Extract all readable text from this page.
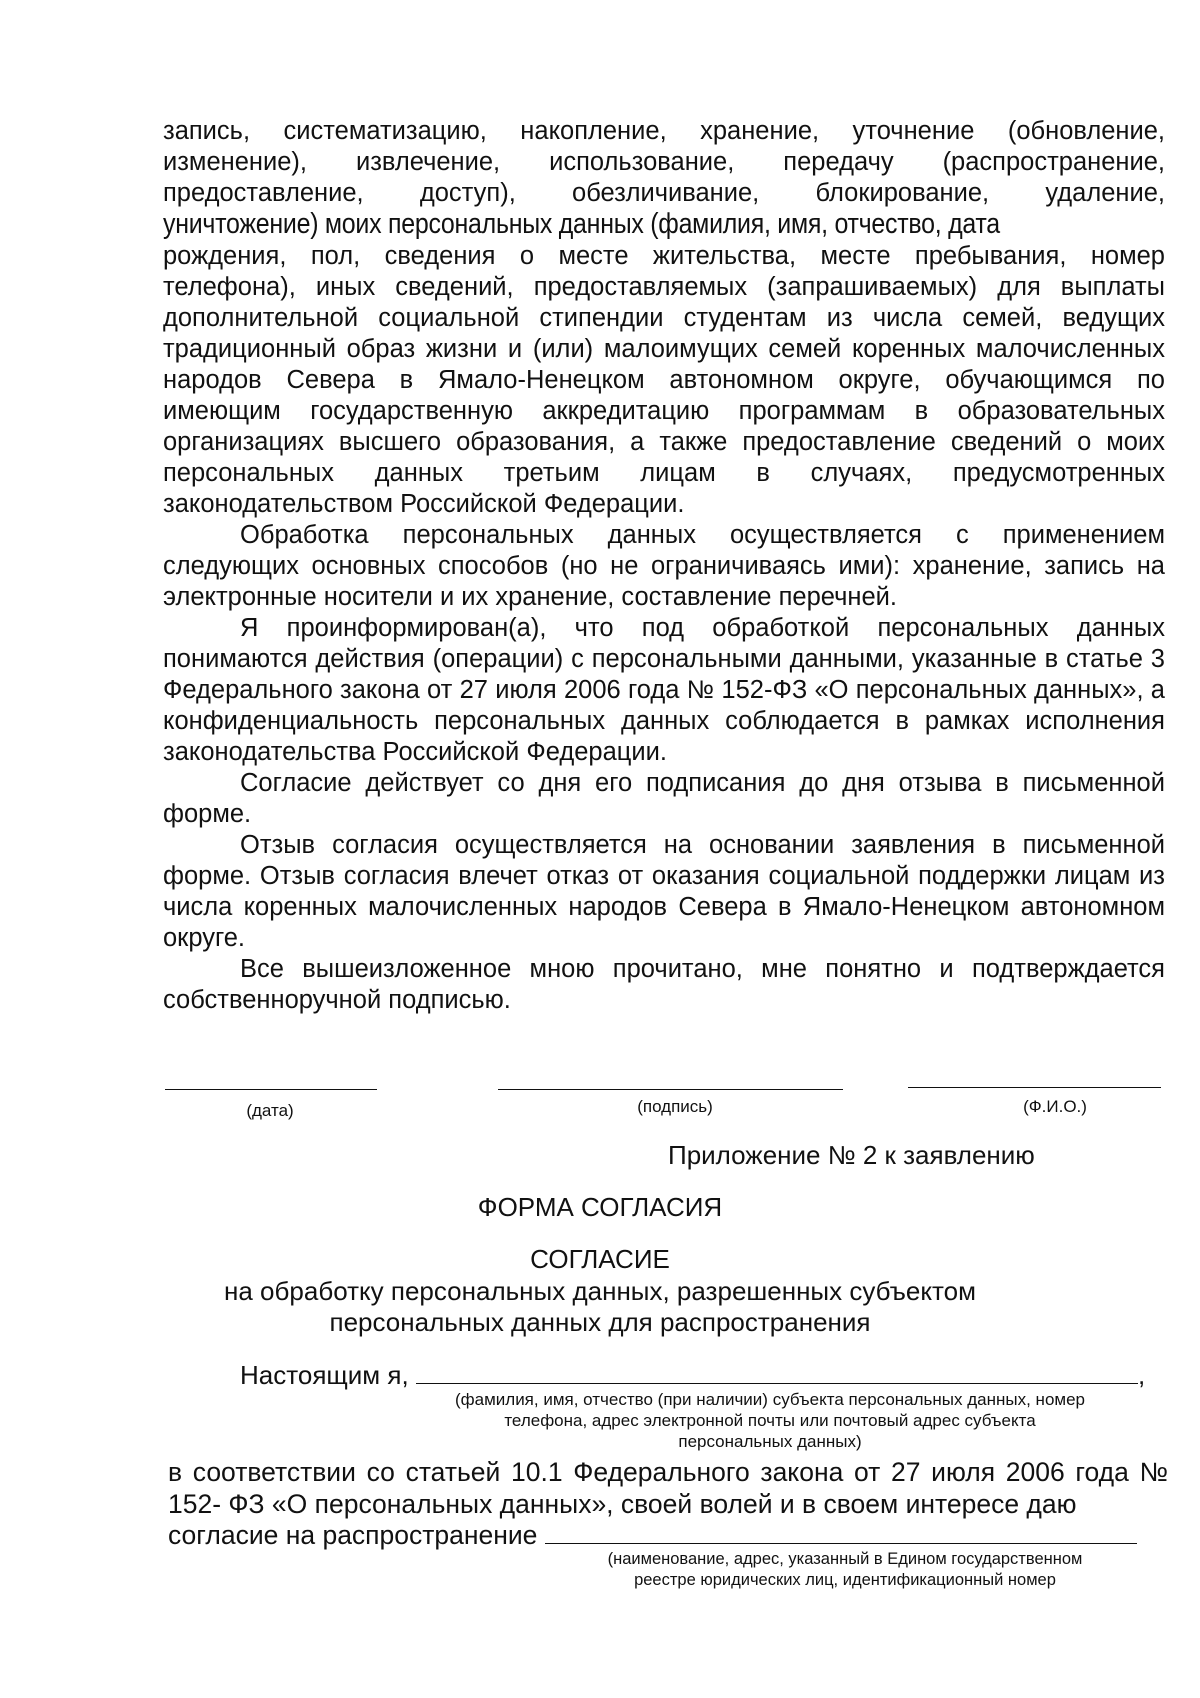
запись, систематизацию, накопление, хранение, уточнение (обновление, изменение), извлечение, использование, передачу (распространение, предоставление, доступ), обезличивание, блокирование, удаление, уничтожение) моих персональных данных (фамилия, имя, отчество, дата рождения, пол, сведения о месте жительства, месте пребывания, номер телефона), иных сведений, предоставляемых (запрашиваемых) для выплаты дополнительной социальной стипендии студентам из числа семей, ведущих традиционный образ жизни и (или) малоимущих семей коренных малочисленных народов Севера в Ямало-Ненецком автономном округе, обучающимся по имеющим государственную аккредитацию программам в образовательных организациях высшего образования, а также предоставление сведений о моих персональных данных третьим лицам в случаях, предусмотренных законодательством Российской Федерации.

Обработка персональных данных осуществляется с применением следующих основных способов (но не ограничиваясь ими): хранение, запись на электронные носители и их хранение, составление перечней.

Я проинформирован(а), что под обработкой персональных данных понимаются действия (операции) с персональными данными, указанные в статье 3 Федерального закона от 27 июля 2006 года № 152-ФЗ «О персональных данных», а конфиденциальность персональных данных соблюдается в рамках исполнения законодательства Российской Федерации.

Согласие действует со дня его подписания до дня отзыва в письменной форме.

Отзыв согласия осуществляется на основании заявления в письменной форме. Отзыв согласия влечет отказ от оказания социальной поддержки лицам из числа коренных малочисленных народов Севера в Ямало-Ненецком автономном округе.

Все вышеизложенное мною прочитано, мне понятно и подтверждается собственноручной подписью.

(дата)	(подпись)	(Ф.И.О.)
Приложение № 2 к заявлению
ФОРМА СОГЛАСИЯ
СОГЛАСИЕ
на обработку персональных данных, разрешенных субъектом
персональных данных для распространения
Настоящим я,	,
(фамилия, имя, отчество (при наличии) субъекта персональных данных, номер
телефона, адрес электронной почты или почтовый адрес субъекта
персональных данных)

в соответствии со статьей 10.1 Федерального закона от 27 июля 2006 года № 152- ФЗ «О персональных данных», своей волей и в своем интересе даю

согласие на распространение
(наименование, адрес, указанный в Едином государственном
реестре юридических лиц, идентификационный номер
